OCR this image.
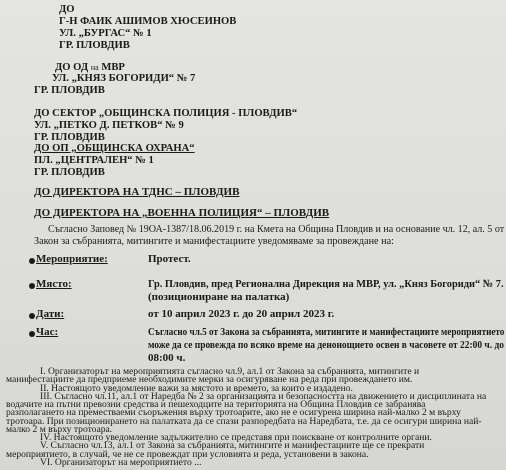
ДО
Г-Н ФАИК АШИМОВ ХЮСЕИНОВ
УЛ. „БУРГАС“ № 1
ГР. ПЛОВДИВ
ДО ОД на МВР
УЛ. „КНЯЗ БОГОРИДИ“ № 7
ГР. ПЛОВДИВ
ДО СЕКТОР „ОБЩИНСКА ПОЛИЦИЯ - ПЛОВДИВ“
УЛ. „ПЕТКО Д. ПЕТКОВ“ № 9
ГР. ПЛОВДИВ
ДО ОП „ОБЩИНСКА ОХРАНА“
ПЛ. „ЦЕНТРАЛЕН“ № 1
ГР. ПЛОВДИВ
ДО ДИРЕКТОРА НА ТДНС – ПЛОВДИВ
ДО ДИРЕКТОРА НА „ВОЕННА ПОЛИЦИЯ“ – ПЛОВДИВ
Съгласно Заповед № 19ОА-1387/18.06.2019 г. на Кмета на Община Пловдив и на основание чл. 12, ал. 5 от
Закон за събранията, митингите и манифестациите уведомяваме за провеждане на:
Мероприятие:	Протест.
Място:	Гр. Пловдив, пред Регионална Дирекция на МВР, ул. „Княз Богориди“ № 7.
(позициониране на палатка)
Дати:	от 10 април 2023 г. до 20 април 2023 г.
Час:	Съгласно чл.5 от Закона за събранията, митингите и манифестациите мероприятието
може да се провежда по всяко време на денонощието освен в часовете от 22:00 ч. до
08:00 ч.
I. Организаторът на мероприятията съгласно чл.9, ал.1 от Закона за събранията, митингите и
манифестациите да предприеме необходимите мерки за осигуряване на реда при провеждането им.
II. Настоящото уведомление важи за мястото и времето, за които е издадено.
III. Съгласно чл.11, ал.1 от Наредба № 2 за организацията и безопасността на движението и дисциплината на
водачите на пътни превозни средства и пешеходците на територията на Община Пловдив се забранява
разполагането на преместваеми съоръжения върху тротоарите, ако не е осигурена ширина най-малко 2 м върху
тротоара. При позиционирането на палатката да се спази разпоредбата на Наредбата, т.е. да се осигури ширина най-
малко 2 м върху тротоара.
IV. Настоящото уведомление задължително се представя при поискване от контролните органи.
V. Съгласно чл.13, ал.1 от Закона за събранията, митингите и манифестациите ще се прекрати
мероприятието, в случай, че не се провеждат при условията и реда, установени в закона.
VI. Организаторът на мероприятието ...
